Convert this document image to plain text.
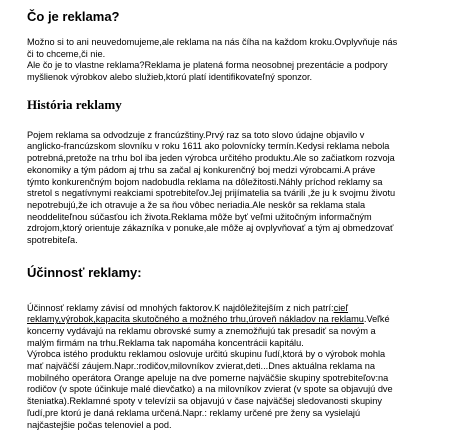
Čo je reklama?
Možno si to ani neuvedomujeme,ale reklama na nás číha na každom kroku.Ovplyvňuje nás
či to chceme,či nie.
Ale čo je to vlastne reklama?Reklama je platená forma neosobnej prezentácie a podpory
myšlienok výrobkov alebo služieb,ktorú platí identifikovateľný sponzor.
História reklamy
Pojem reklama sa odvodzuje z francúzštiny.Prvý raz sa toto slovo údajne objavilo v
anglicko-francúzskom slovníku v roku 1611 ako polovnícky termín.Kedysi reklama nebola
potrebná,pretože na trhu bol iba jeden výrobca určitého produktu.Ale so začiatkom rozvoja
ekonomiky a tým pádom aj trhu sa začal aj konkurenčný boj medzi výrobcami.A práve
týmto konkurenčným bojom nadobudla reklama na dôležitosti.Náhly príchod reklamy sa
stretol s negatívnymi reakciami spotrebiteľov.Jej prijímatelia sa tvárili ,že ju k svojmu životu
nepotrebujú,že ich otravuje a že sa ňou vôbec neriadia.Ale neskôr sa reklama stala
neoddeliteľnou súčasťou ich života.Reklama môže byť veľmi užitočným informačným
zdrojom,ktorý orientuje zákazníka v ponuke,ale môže aj ovplyvňovať a tým aj obmedzovať
spotrebiteľa.
Účinnosť reklamy:
Účinnosť reklamy závisí od mnohých faktorov.K najdôležitejším z nich patrí:cieľ
reklamy,výrobok,kapacita skutočného a možného trhu,úroveň nákladov na reklamu.Veľké
koncerny vydávajú na reklamu obrovské sumy a znemožňujú tak presadiť sa novým a
malým firmám na trhu.Reklama tak napomáha koncentrácii kapitálu.
Výrobca istého produktu reklamou oslovuje určitú skupinu ľudí,ktorá by o výrobok mohla
mať najväčší záujem.Napr.:rodičov,milovníkov zvierat,deti...Dnes aktuálna reklama na
mobilného operátora Orange apeluje na dve pomerne najväčšie skupiny spotrebiteľov:na
rodičov (v spote účinkuje malé dievčatko) a na milovníkov zvierat (v spote sa objavujú dve
šteniatka).Reklamné spoty v televízii sa objavujú v čase najväčšej sledovanosti skupiny
ľudí,pre ktorú je daná reklama určená.Napr.: reklamy určené pre ženy sa vysielajú
najčastejšie počas telenoviel a pod.
